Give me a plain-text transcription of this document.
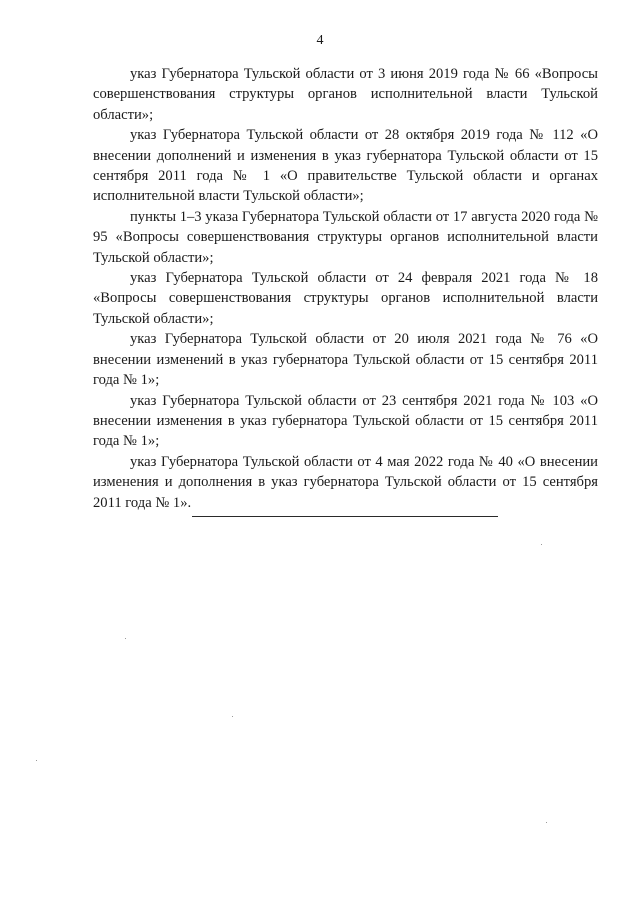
4

указ Губернатора Тульской области от 3 июня 2019 года № 66 «Вопросы совершенствования структуры органов исполнительной власти Тульской области»;

указ Губернатора Тульской области от 28 октября 2019 года № 112 «О внесении дополнений и изменения в указ губернатора Тульской области от 15 сентября 2011 года № 1 «О правительстве Тульской области и органах исполнительной власти Тульской области»;

пункты 1–3 указа Губернатора Тульской области от 17 августа 2020 года № 95 «Вопросы совершенствования структуры органов исполнительной власти Тульской области»;

указ Губернатора Тульской области от 24 февраля 2021 года № 18 «Вопросы совершенствования структуры органов исполнительной власти Тульской области»;

указ Губернатора Тульской области от 20 июля 2021 года № 76 «О внесении изменений в указ губернатора Тульской области от 15 сентября 2011 года № 1»;

указ Губернатора Тульской области от 23 сентября 2021 года № 103 «О внесении изменения в указ губернатора Тульской области от 15 сентября 2011 года № 1»;

указ Губернатора Тульской области от 4 мая 2022 года № 40 «О внесении изменения и дополнения в указ губернатора Тульской области от 15 сентября 2011 года № 1».
